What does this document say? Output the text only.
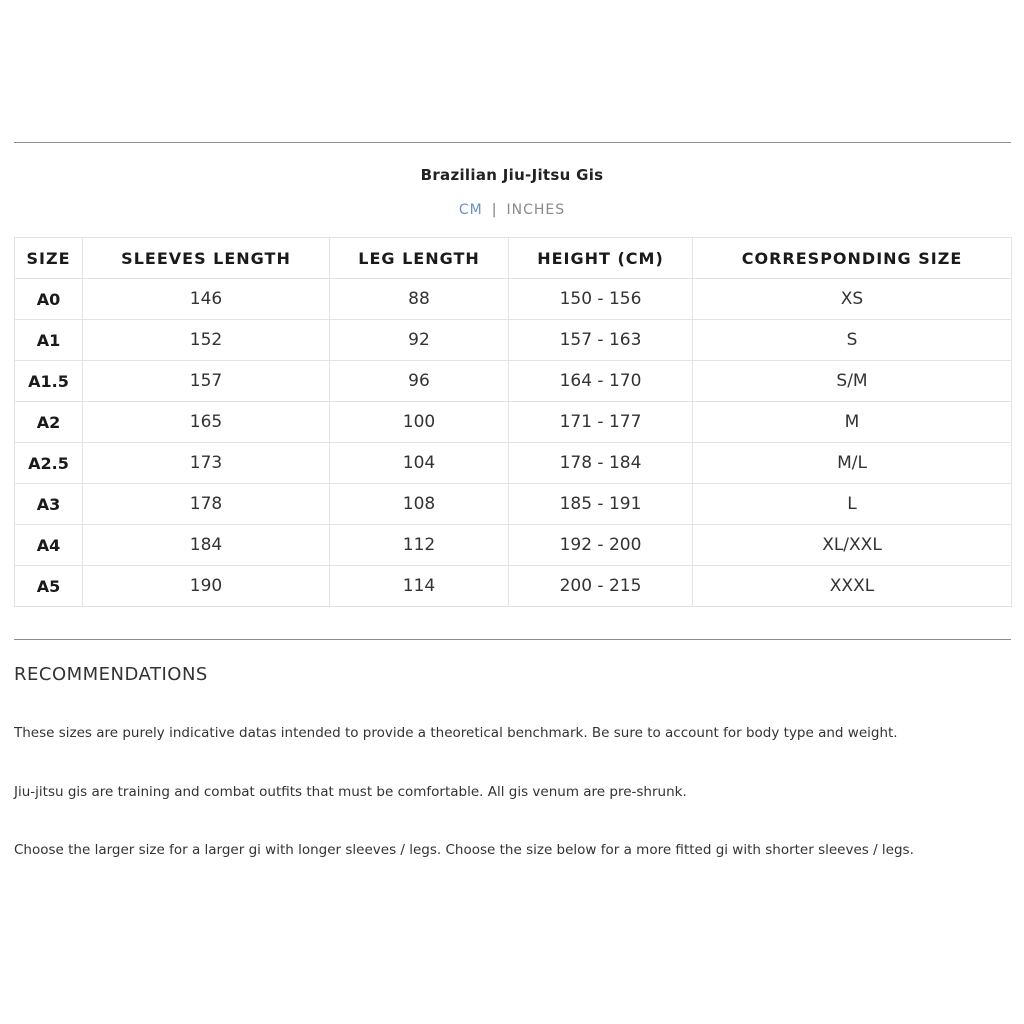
Brazilian Jiu-Jitsu Gis
CM | INCHES
SIZE	SLEEVES LENGTH	LEG LENGTH	HEIGHT (CM)	CORRESPONDING SIZE
A0	146	88	150 - 156	XS
A1	152	92	157 - 163	S
A1.5	157	96	164 - 170	S/M
A2	165	100	171 - 177	M
A2.5	173	104	178 - 184	M/L
A3	178	108	185 - 191	L
A4	184	112	192 - 200	XL/XXL
A5	190	114	200 - 215	XXXL
RECOMMENDATIONS
These sizes are purely indicative datas intended to provide a theoretical benchmark. Be sure to account for body type and weight.
Jiu-jitsu gis are training and combat outfits that must be comfortable. All gis venum are pre-shrunk.
Choose the larger size for a larger gi with longer sleeves / legs. Choose the size below for a more fitted gi with shorter sleeves / legs.
